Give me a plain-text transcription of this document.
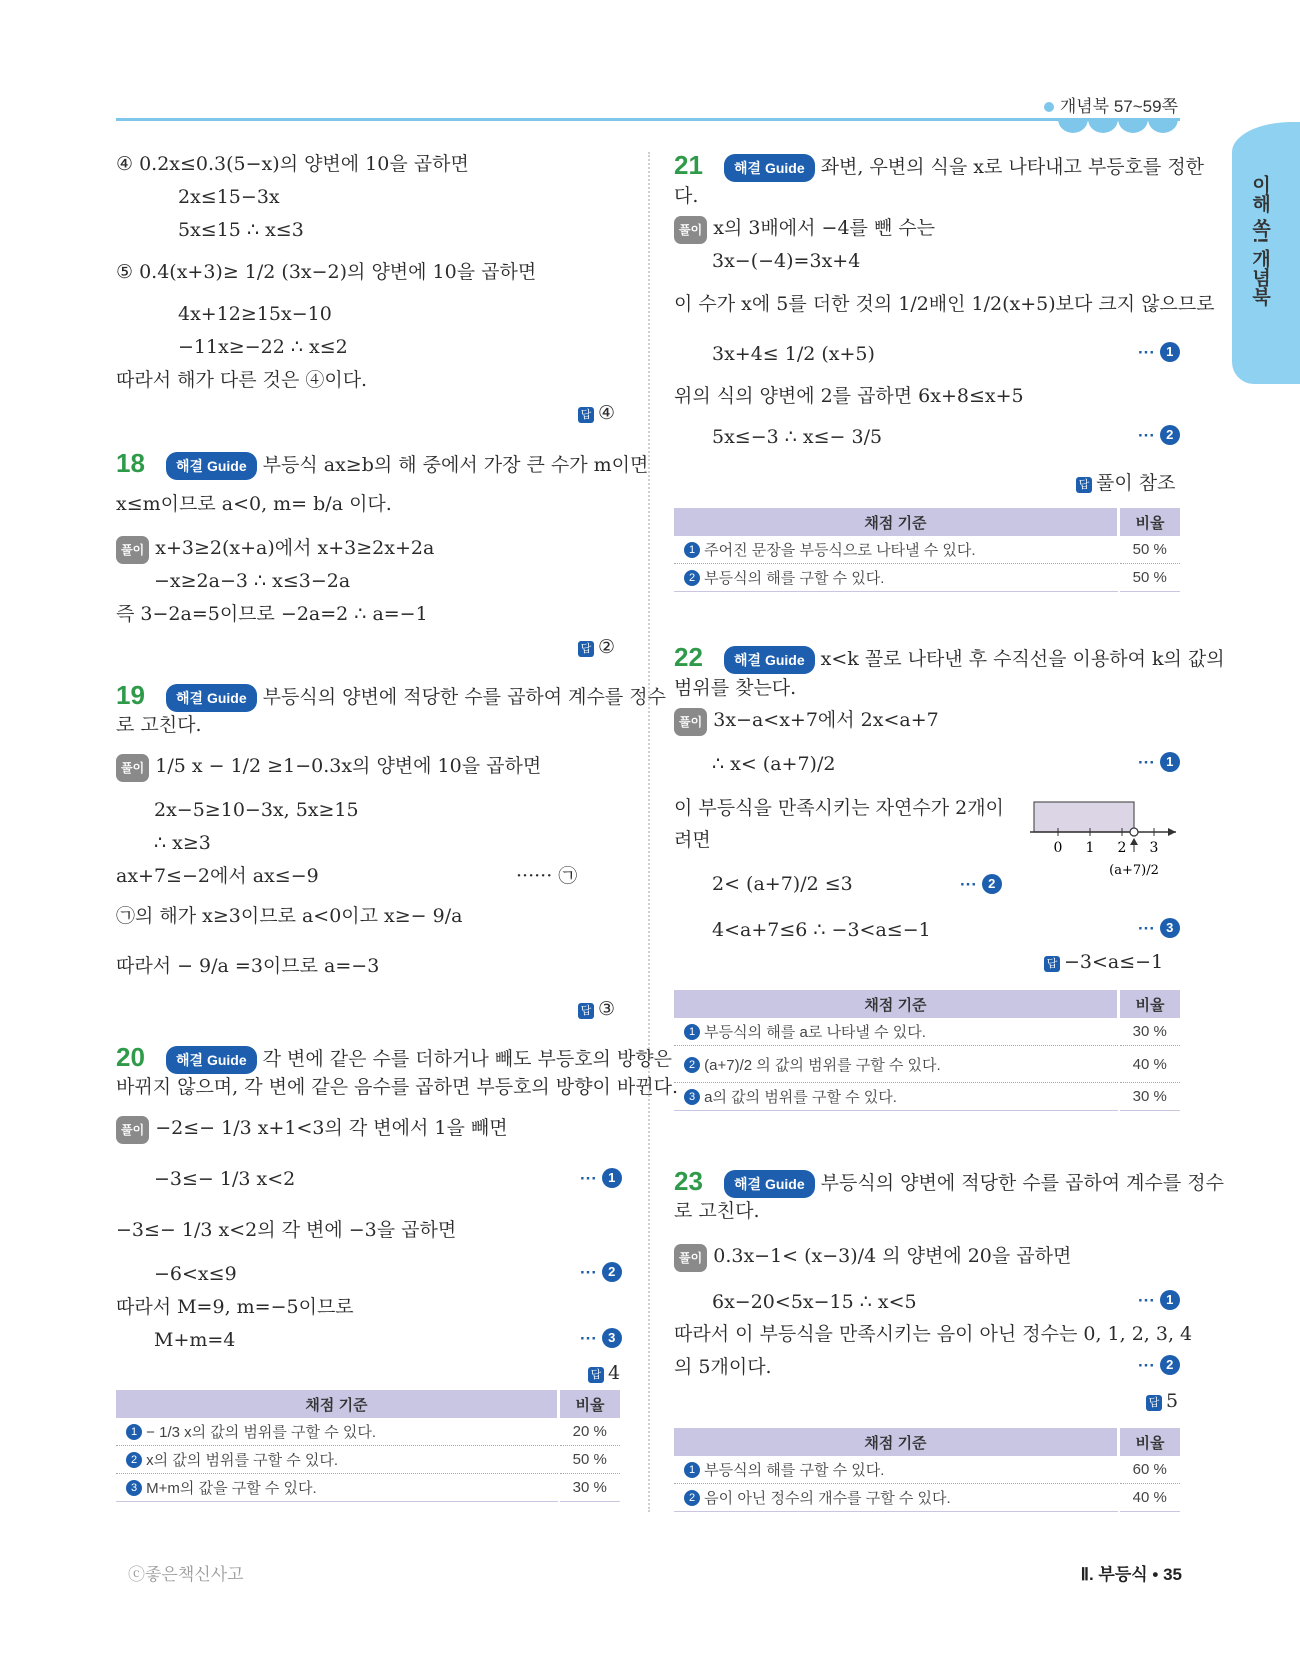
개념북 57~59쪽
이해 쏙! 개념북
④ 0.2x≤0.3(5−x)의 양변에 10을 곱하면
2x≤15−3x
5x≤15 ∴ x≤3
⑤ 0.4(x+3)≥ 1/2 (3x−2)의 양변에 10을 곱하면
4x+12≥15x−10
−11x≥−22 ∴ x≤2
따라서 해가 다른 것은 ④이다.
답 ④
18	해결 Guide 부등식 ax≥b의 해 중에서 가장 큰 수가 m이면
x≤m이므로 a<0, m= b/a 이다.
풀이 x+3≥2(x+a)에서 x+3≥2x+2a
−x≥2a−3 ∴ x≤3−2a
즉 3−2a=5이므로 −2a=2 ∴ a=−1
답 ②
19	해결 Guide 부등식의 양변에 적당한 수를 곱하여 계수를 정수
로 고친다.
풀이 1/5 x − 1/2 ≥1−0.3x의 양변에 10을 곱하면
2x−5≥10−3x, 5x≥15
∴ x≥3
ax+7≤−2에서 ax≤−9	······ ㉠
㉠의 해가 x≥3이므로 a<0이고 x≥− 9/a
따라서 − 9/a =3이므로 a=−3
답 ③
20	해결 Guide 각 변에 같은 수를 더하거나 빼도 부등호의 방향은
바뀌지 않으며, 각 변에 같은 음수를 곱하면 부등호의 방향이 바뀐다.
풀이 −2≤− 1/3 x+1<3의 각 변에서 1을 빼면
−3≤− 1/3 x<2	··· 1
−3≤− 1/3 x<2의 각 변에 −3을 곱하면
−6<x≤9	··· 2
따라서 M=9, m=−5이므로
M+m=4	··· 3
답 4
채점 기준	비율
1 − 1/3 x의 값의 범위를 구할 수 있다.	20 %
2 x의 값의 범위를 구할 수 있다.	50 %
3 M+m의 값을 구할 수 있다.	30 %
21	해결 Guide 좌변, 우변의 식을 x로 나타내고 부등호를 정한
다.
풀이 x의 3배에서 −4를 뺀 수는
3x−(−4)=3x+4
이 수가 x에 5를 더한 것의 1/2배인 1/2(x+5)보다 크지 않으므로
3x+4≤ 1/2 (x+5)	··· 1
위의 식의 양변에 2를 곱하면 6x+8≤x+5
5x≤−3 ∴ x≤− 3/5	··· 2
답 풀이 참조
채점 기준	비율
1 주어진 문장을 부등식으로 나타낼 수 있다.	50 %
2 부등식의 해를 구할 수 있다.	50 %
22	해결 Guide x<k 꼴로 나타낸 후 수직선을 이용하여 k의 값의
범위를 찾는다.
풀이 3x−a<x+7에서 2x<a+7
∴ x< (a+7)/2	··· 1
이 부등식을 만족시키는 자연수가 2개이
려면	0 1 2 3
(a+7)/2
2< (a+7)/2 ≤3	··· 2
4<a+7≤6 ∴ −3<a≤−1	··· 3
답 −3<a≤−1
채점 기준	비율
1 부등식의 해를 a로 나타낼 수 있다.	30 %
2 (a+7)/2 의 값의 범위를 구할 수 있다.	40 %
3 a의 값의 범위를 구할 수 있다.	30 %
23	해결 Guide 부등식의 양변에 적당한 수를 곱하여 계수를 정수
로 고친다.
풀이 0.3x−1< (x−3)/4 의 양변에 20을 곱하면
6x−20<5x−15 ∴ x<5	··· 1
따라서 이 부등식을 만족시키는 음이 아닌 정수는 0, 1, 2, 3, 4
의 5개이다.	··· 2
답 5
채점 기준	비율
1 부등식의 해를 구할 수 있다.	60 %
2 음이 아닌 정수의 개수를 구할 수 있다.	40 %
ⓒ좋은책신사고	Ⅱ. 부등식 • 35
